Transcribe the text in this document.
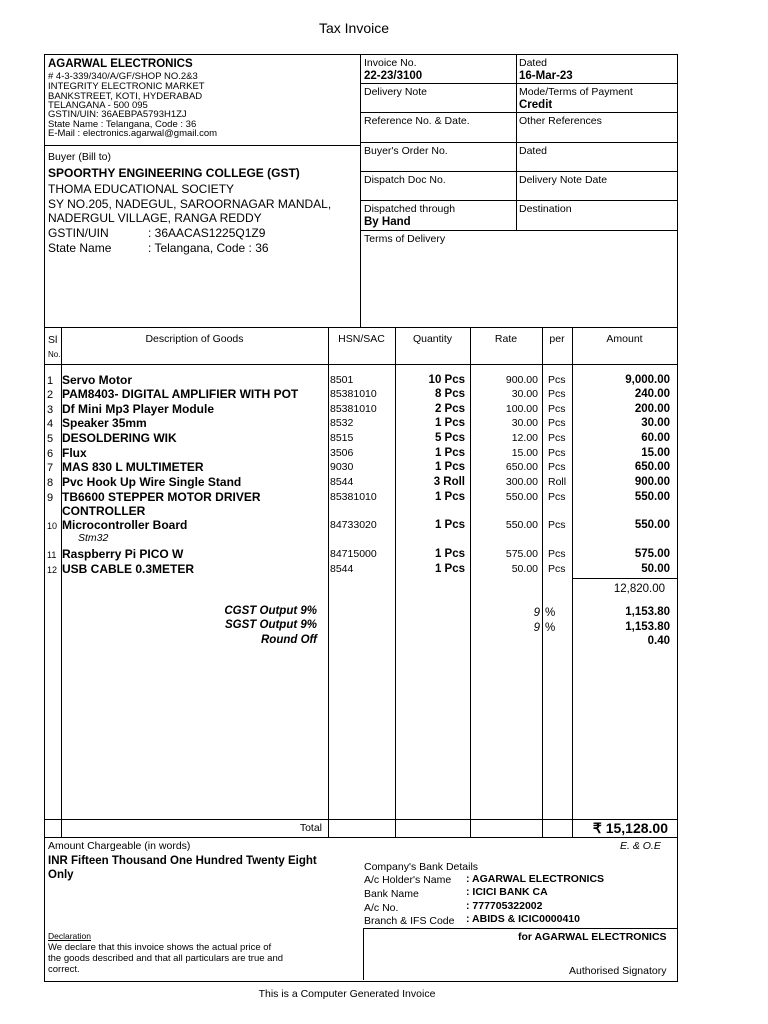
Tax Invoice
AGARWAL ELECTRONICS
# 4-3-339/340/A/GF/SHOP NO.2&3
INTEGRITY ELECTRONIC MARKET
BANKSTREET, KOTI, HYDERABAD
TELANGANA - 500 095
GSTIN/UIN: 36AEBPA5793H1ZJ
State Name : Telangana, Code : 36
E-Mail : electronics.agarwal@gmail.com
Buyer (Bill to)
SPOORTHY ENGINEERING COLLEGE (GST)
THOMA EDUCATIONAL SOCIETY
SY NO.205, NADEGUL, SAROORNAGAR MANDAL,
NADERGUL VILLAGE, RANGA REDDY
GSTIN/UIN	: 36AACAS1225Q1Z9
State Name	: Telangana, Code : 36
Invoice No.
22-23/3100
Dated
16-Mar-23
Delivery Note	Mode/Terms of Payment
Credit
Reference No. & Date.	Other References
Buyer's Order No.	Dated
Dispatch Doc No.	Delivery Note Date
Dispatched through
By Hand
Destination
Terms of Delivery
Sl
No.
Description of Goods	HSN/SAC	Quantity	Rate	per	Amount
1 Servo Motor	8501	10 Pcs	900.00 Pcs	9,000.00
2 PAM8403- DIGITAL AMPLIFIER WITH POT	85381010	8 Pcs	30.00 Pcs	240.00
3 Df Mini Mp3 Player Module	85381010	2 Pcs	100.00 Pcs	200.00
4 Speaker 35mm	8532	1 Pcs	30.00 Pcs	30.00
5 DESOLDERING WIK	8515	5 Pcs	12.00 Pcs	60.00
6 Flux	3506	1 Pcs	15.00 Pcs	15.00
7 MAS 830 L MULTIMETER	9030	1 Pcs	650.00 Pcs	650.00
8 Pvc Hook Up Wire Single Stand	8544	3 Roll	300.00 Roll	900.00
9 TB6600 STEPPER MOTOR DRIVER
CONTROLLER
85381010	1 Pcs	550.00 Pcs	550.00
10 Microcontroller Board
Stm32
84733020	1 Pcs	550.00 Pcs	550.00
11 Raspberry Pi PICO W	84715000	1 Pcs	575.00 Pcs	575.00
12 USB CABLE 0.3METER	8544	1 Pcs	50.00 Pcs	50.00
12,820.00
CGST Output 9%	9 %	1,153.80
SGST Output 9%	9 %	1,153.80
Round Off	0.40
Total	₹ 15,128.00
Amount Chargeable (in words)	E. & O.E
INR Fifteen Thousand One Hundred Twenty Eight
Only
Company's Bank Details
A/c Holder's Name : AGARWAL ELECTRONICS
Bank Name	: ICICI BANK CA
A/c No.	: 777705322002
Branch & IFS Code : ABIDS & ICIC0000410
for AGARWAL ELECTRONICS
Authorised Signatory
Declaration
We declare that this invoice shows the actual price of
the goods described and that all particulars are true and
correct.
This is a Computer Generated Invoice
